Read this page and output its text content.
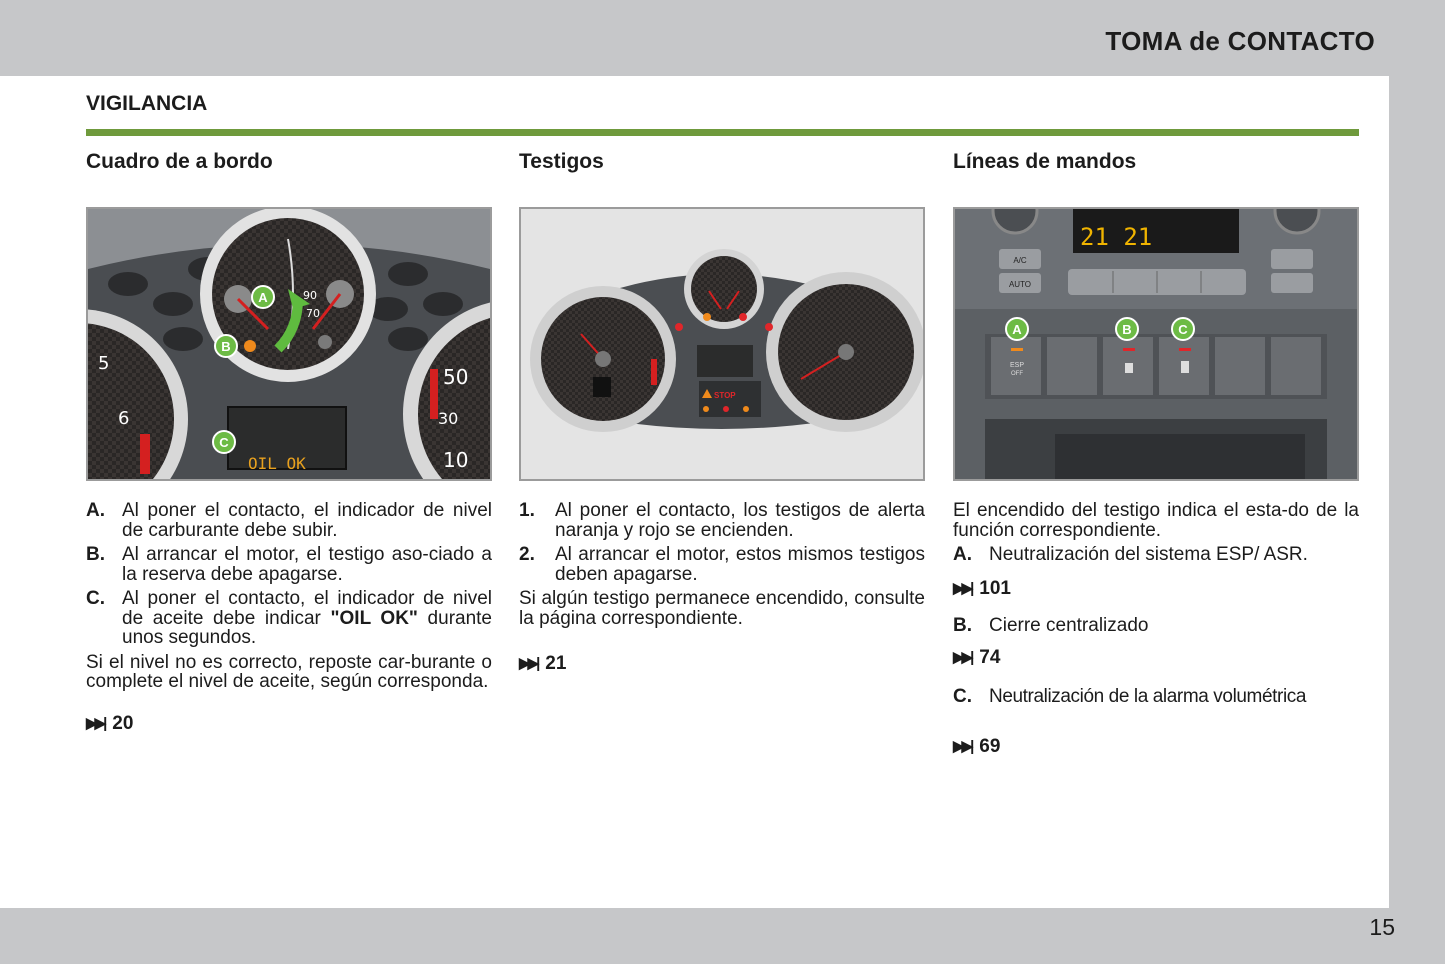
TOMA de CONTACTO
VIGILANCIA
Cuadro de a bordo
5
6
50
30
10
90
70
OIL OK
A
B
C
A. Al poner el contacto, el indicador de nivel de carburante debe subir.
B. Al arrancar el motor, el testigo aso-ciado a la reserva debe apagarse.
C. Al poner el contacto, el indicador de nivel de aceite debe indicar "OIL OK" durante unos segundos.
Si el nivel no es correcto, reposte car-burante o complete el nivel de aceite, según corresponda.
▶▶| 20
Testigos
STOP
1.	Al poner el contacto, los testigos de alerta naranja y rojo se encienden.
2.	Al arrancar el motor, estos mismos testigos deben apagarse.
Si algún testigo permanece encendido, consulte la página correspondiente.
▶▶| 21
Líneas de mandos
21 21
A/C
AUTO
ESP
OFF
A	B	C
El encendido del testigo indica el esta-do de la función correspondiente.
A. Neutralización del sistema ESP/ ASR.
▶▶| 101
B. Cierre centralizado
▶▶| 74
C. Neutralización de la alarma volumétrica
▶▶| 69
15
